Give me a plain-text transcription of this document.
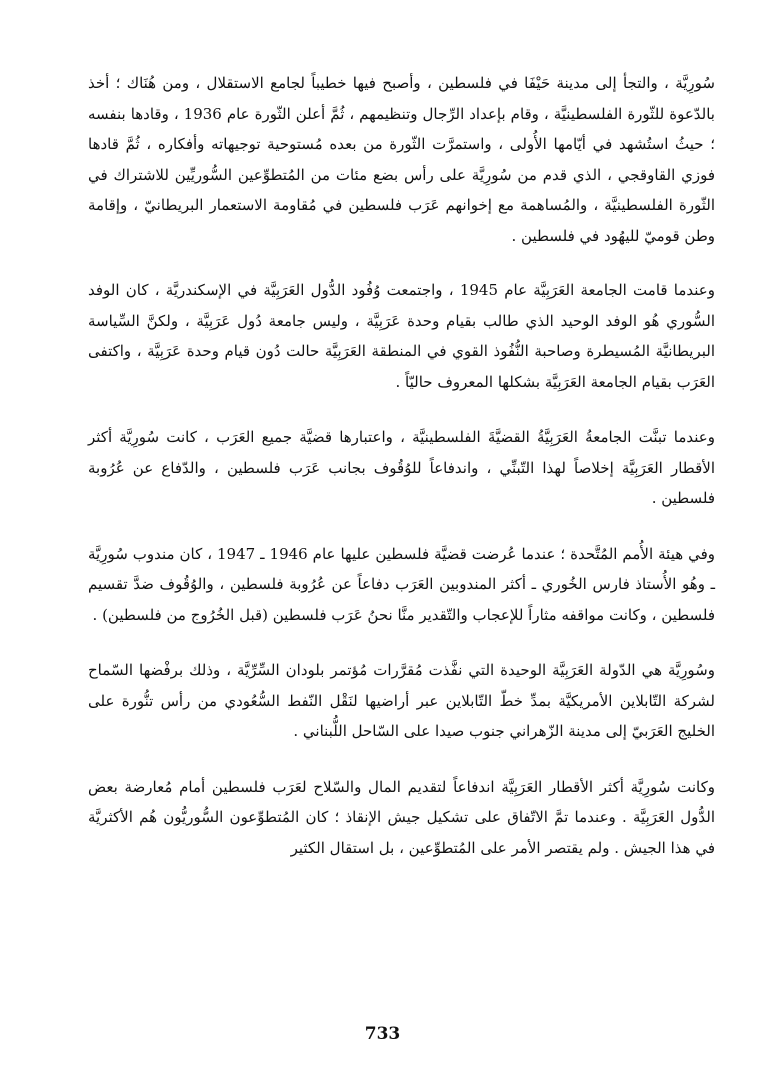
سُورِيَّة ، والتجأ إلى مدينة حَيْفَا في فلسطين ، وأصبح فيها خطيباً لجامع الاستقلال ، ومن هُنَاك ؛ أخذ بالدّعوة للثّورة الفلسطينيَّة ، وقام بإعداد الرِّجال وتنظيمهم ، ثُمَّ أعلن الثّورة عام 1936 ، وقادها بنفسه ؛ حيثُ استُشهد في أيّامها الأُولى ، واستمرَّت الثّورة من بعده مُستوحية توجيهاته وأفكاره ، ثُمَّ قادها فوزي القاوقجي ، الذي قدم من سُورِيَّة على رأس بضع مئات من المُتطوِّعين السُّوريِّين للاشتراك في الثّورة الفلسطينيَّة ، والمُساهمة مع إخوانهم عَرَب فلسطين في مُقاومة الاستعمار البريطانيّ ، وإقامة وطن قوميّ لليهُود في فلسطين .

وعندما قامت الجامعة العَرَبِيَّة عام 1945 ، واجتمعت وُفُود الدُّول العَرَبِيَّة في الإسكندريَّة ، كان الوفد السُّوري هُو الوفد الوحيد الذي طالب بقيام وحدة عَرَبِيَّة ، وليس جامعة دُول عَرَبِيَّة ، ولكنَّ السِّياسة البريطانيَّة المُسيطرة وصاحبة النُّفُوذ القوي في المنطقة العَرَبِيَّة حالت دُون قيام وحدة عَرَبِيَّة ، واكتفى العَرَب بقيام الجامعة العَرَبِيَّة بشكلها المعروف حاليّاً .

وعندما تبنَّت الجامعةُ العَرَبِيَّةُ القضيَّةَ الفلسطينيَّة ، واعتبارها قضيَّة جميع العَرَب ، كانت سُورِيَّة أكثر الأقطار العَرَبِيَّة إخلاصاً لهذا التّبنِّي ، واندفاعاً للوُقُوف بجانب عَرَب فلسطين ، والدّفاع عن عُرُوبة فلسطين .

وفي هيئة الأُمم المُتَّحدة ؛ عندما عُرضت قضيَّة فلسطين عليها عام 1946 ـ 1947 ، كان مندوب سُورِيَّة ـ وهُو الأُستاذ فارس الخُوري ـ أكثر المندوبين العَرَب دفاعاً عن عُرُوبة فلسطين ، والوُقُوف ضدَّ تقسيم فلسطين ، وكانت مواقفه مثاراً للإعجاب والتّقدير منَّا نحنُ عَرَب فلسطين (قبل الخُرُوج من فلسطين) .

وسُورِيَّة هي الدّولة العَرَبِيَّة الوحيدة التي نفَّذت مُقرَّرات مُؤتمر بلودان السِّرِّيَّة ، وذلك برفْضها السّماح لشركة التّابلاين الأمريكيَّة بمدِّ خطّ التّابلاين عبر أراضيها لنَقْل النّفط السُّعُودي من رأس تنُّورة على الخليج العَرَبيّ إلى مدينة الزّهراني جنوب صيدا على السّاحل اللُّبناني .

وكانت سُورِيَّة أكثر الأقطار العَرَبِيَّة اندفاعاً لتقديم المال والسّلاح لعَرَب فلسطين أمام مُعارضة بعض الدُّول العَرَبِيَّة . وعندما تمَّ الاتّفاق على تشكيل جيش الإنقاذ ؛ كان المُتطوِّعون السُّوريُّون هُم الأكثريَّة في هذا الجيش . ولم يقتصر الأمر على المُتطوِّعين ، بل استقال الكثير

733
